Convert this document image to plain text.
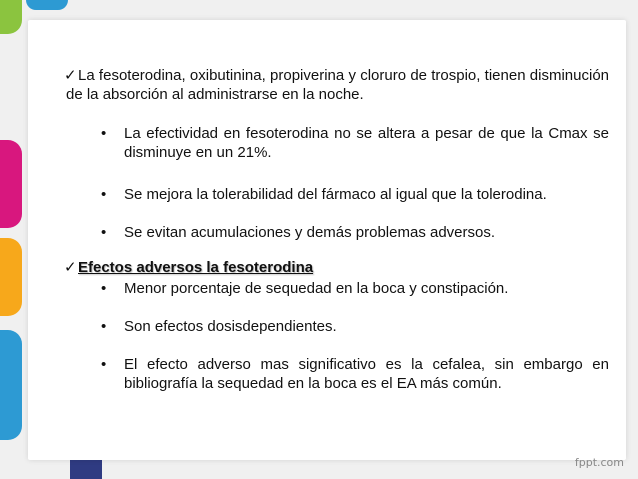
✓La fesoterodina, oxibutinina, propiverina y cloruro de trospio, tienen disminución de la absorción al administrarse en la noche.

• La efectividad en fesoterodina no se altera a pesar de que la Cmax se disminuye en un 21%.
• Se mejora la tolerabilidad del fármaco al igual que la tolerodina.
• Se evitan acumulaciones y demás problemas adversos.

✓Efectos adversos la fesoterodina

• Menor porcentaje de sequedad en la boca y constipación.
• Son efectos dosisdependientes.
• El efecto adverso mas significativo es la cefalea, sin embargo en bibliografía la sequedad en la boca es el EA más común.
fppt.com
